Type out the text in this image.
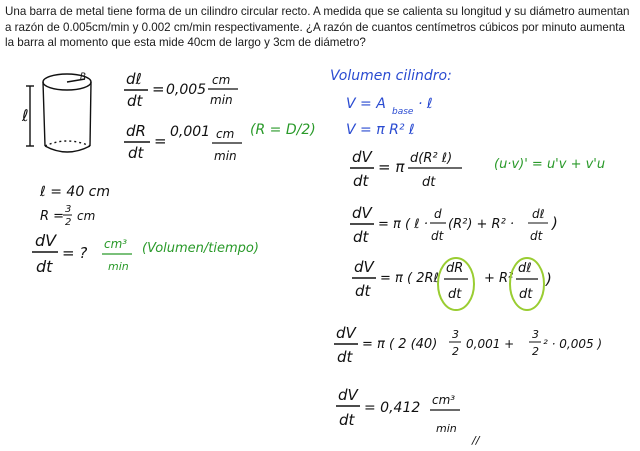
Una barra de metal tiene forma de un cilindro circular recto. A medida que se calienta su longitud y su diámetro aumentan

a razón de 0.005cm/min y 0.002 cm/min respectivamente. ¿A razón de cuantos centímetros cúbicos por minuto aumenta

la barra al momento que esta mide 40cm de largo y 3cm de diámetro?

ℓ
R	dℓ
dt
= 0,005
cm
min
dR
dt
= 0,001 cm
min
(R = D/2)
ℓ = 40 cm
R = 3
2 cm
dV
dt
= ? cm³
min
(Volumen/tiempo)
Volumen cilindro:
V = A base · ℓ
V = π R² ℓ
dV
dt
= π d(R² ℓ)
dt
(u·v)' = u'v + v'u
dV
dt
= π ( ℓ ·
d
dt
(R²) + R² ·
dℓ
dt
)
dV
dt
= π ( 2Rℓ
dR
dt
+ R²
dℓ
dt
)
dV
dt
= π ( 2 (40)
3
2
0,001 +
3
2
² · 0,005 )
dV
dt
= 0,412 cm³
min
//
